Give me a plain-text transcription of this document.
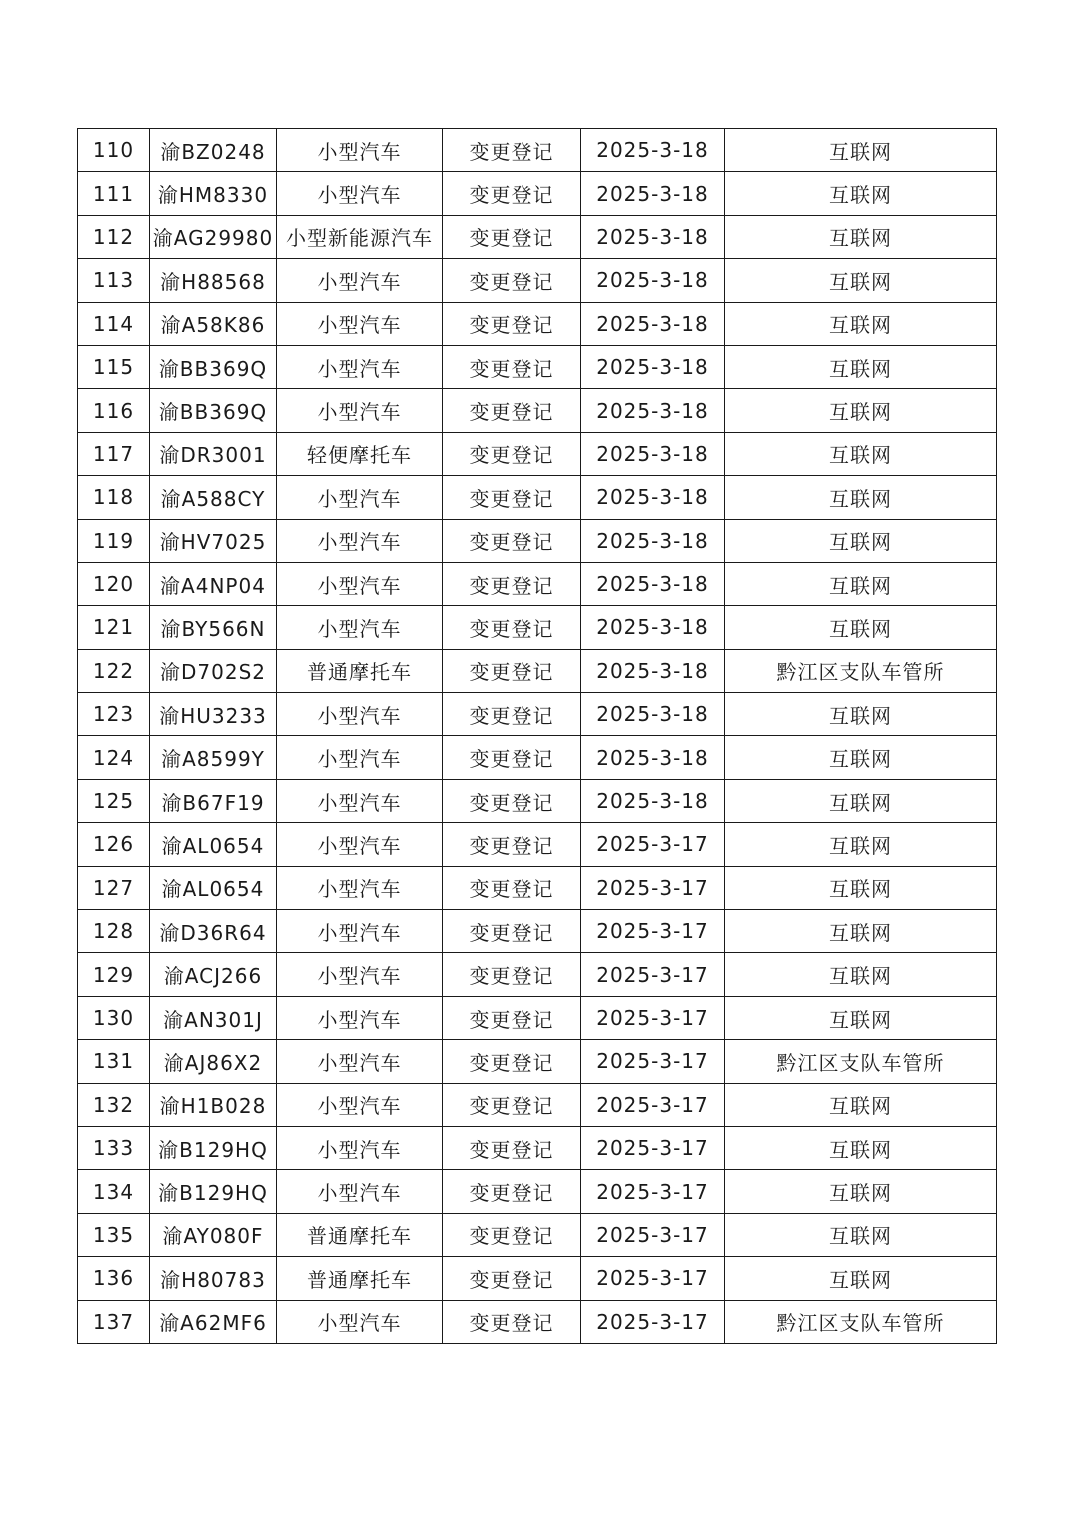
110	渝BZ0248	小型汽车	变更登记	2025-3-18	互联网
111	渝HM8330	小型汽车	变更登记	2025-3-18	互联网
112	渝AG29980	小型新能源汽车	变更登记	2025-3-18	互联网
113	渝H88568	小型汽车	变更登记	2025-3-18	互联网
114	渝A58K86	小型汽车	变更登记	2025-3-18	互联网
115	渝BB369Q	小型汽车	变更登记	2025-3-18	互联网
116	渝BB369Q	小型汽车	变更登记	2025-3-18	互联网
117	渝DR3001	轻便摩托车	变更登记	2025-3-18	互联网
118	渝A588CY	小型汽车	变更登记	2025-3-18	互联网
119	渝HV7025	小型汽车	变更登记	2025-3-18	互联网
120	渝A4NP04	小型汽车	变更登记	2025-3-18	互联网
121	渝BY566N	小型汽车	变更登记	2025-3-18	互联网
122	渝D702S2	普通摩托车	变更登记	2025-3-18	黔江区支队车管所
123	渝HU3233	小型汽车	变更登记	2025-3-18	互联网
124	渝A8599Y	小型汽车	变更登记	2025-3-18	互联网
125	渝B67F19	小型汽车	变更登记	2025-3-18	互联网
126	渝AL0654	小型汽车	变更登记	2025-3-17	互联网
127	渝AL0654	小型汽车	变更登记	2025-3-17	互联网
128	渝D36R64	小型汽车	变更登记	2025-3-17	互联网
129	渝ACJ266	小型汽车	变更登记	2025-3-17	互联网
130	渝AN301J	小型汽车	变更登记	2025-3-17	互联网
131	渝AJ86X2	小型汽车	变更登记	2025-3-17	黔江区支队车管所
132	渝H1B028	小型汽车	变更登记	2025-3-17	互联网
133	渝B129HQ	小型汽车	变更登记	2025-3-17	互联网
134	渝B129HQ	小型汽车	变更登记	2025-3-17	互联网
135	渝AY080F	普通摩托车	变更登记	2025-3-17	互联网
136	渝H80783	普通摩托车	变更登记	2025-3-17	互联网
137	渝A62MF6	小型汽车	变更登记	2025-3-17	黔江区支队车管所
